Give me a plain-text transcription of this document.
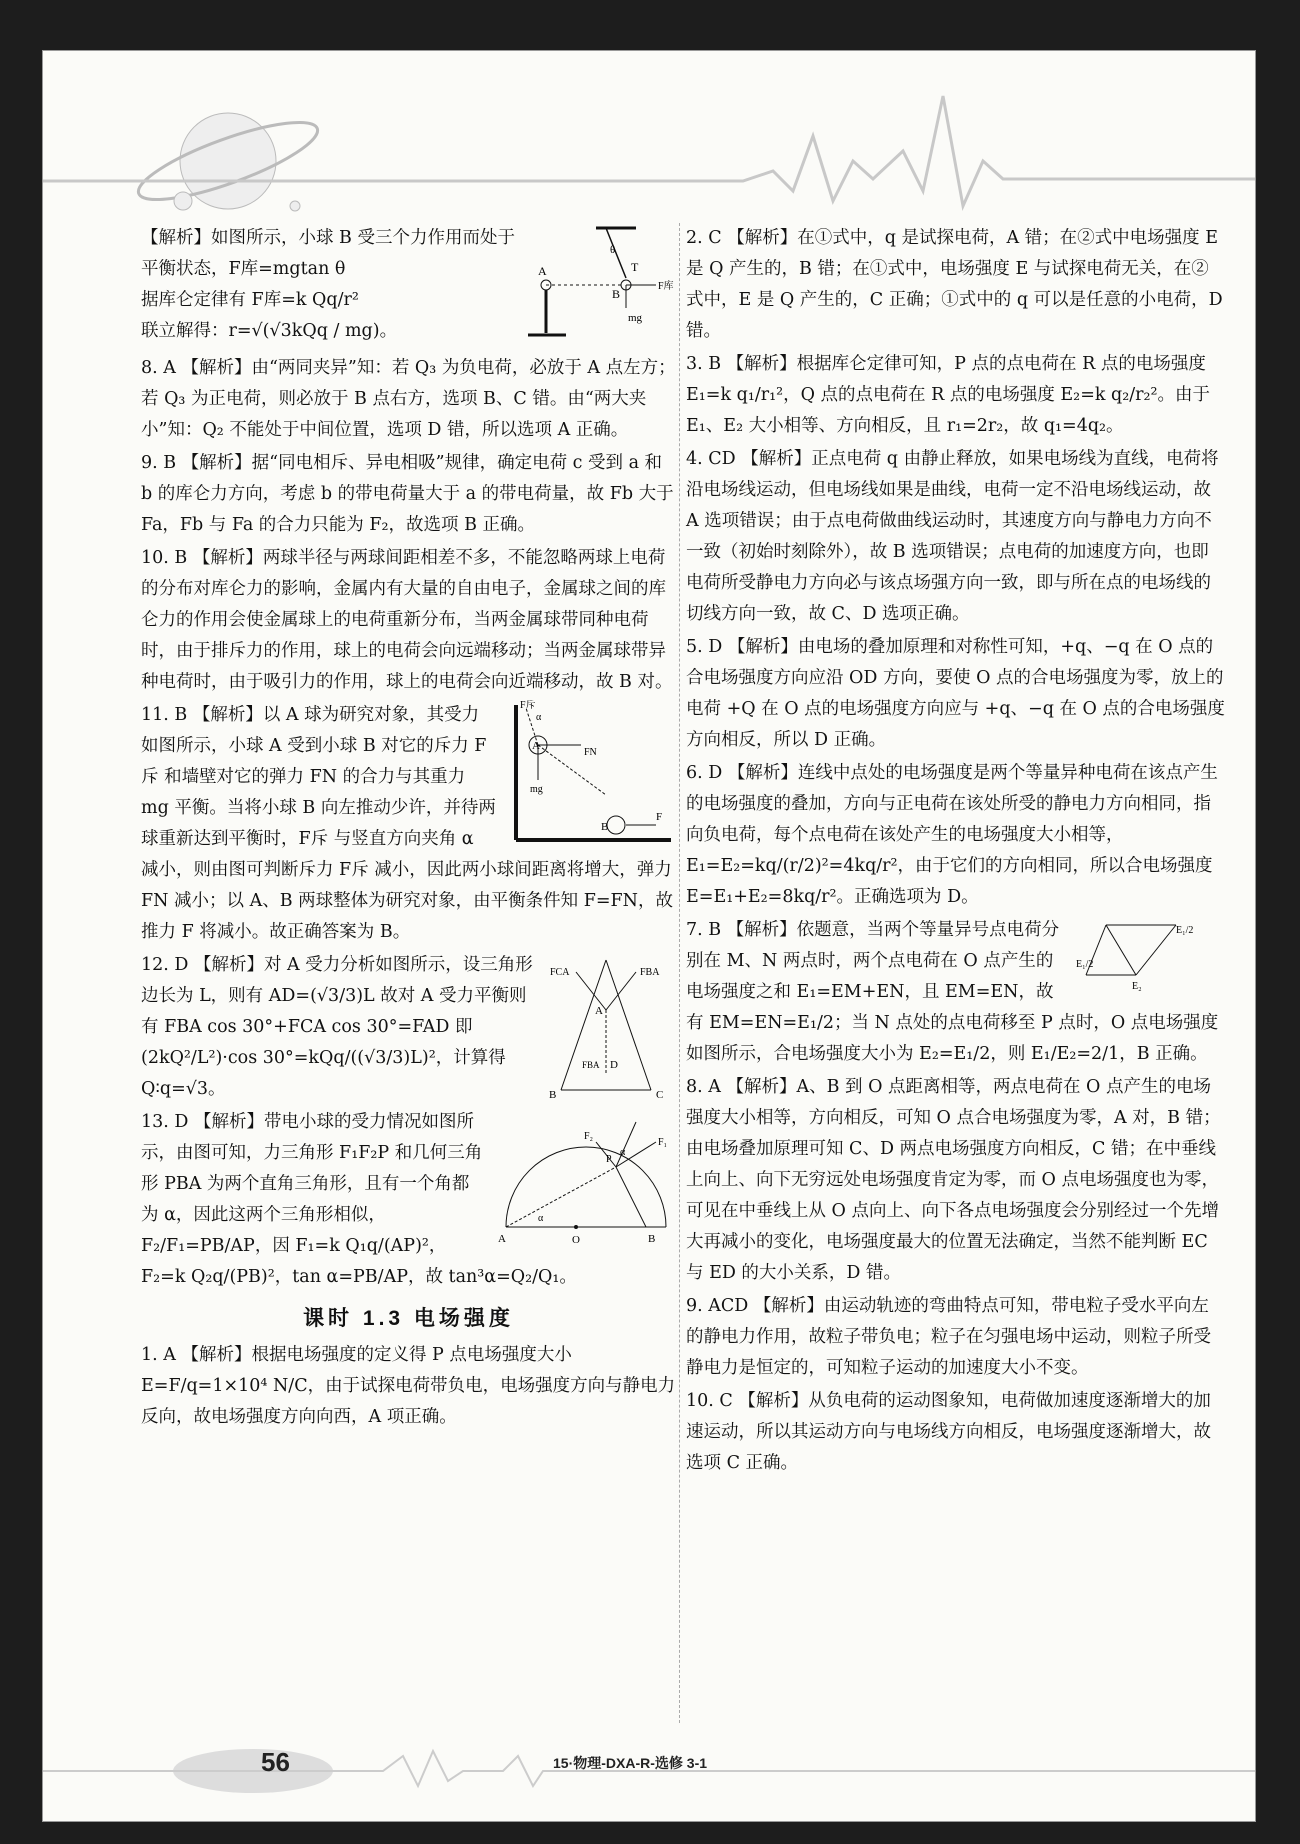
A
θ
T
F库
B
mg
【解析】如图所示，小球 B 受三个力作用而处于平衡状态，F库=mgtan θ
据库仑定律有 F库=k Qq/r²
联立解得：r=√(√3kQq / mg)。
8. A 【解析】由“两同夹异”知：若 Q₃ 为负电荷，必放于 A 点左方；若 Q₃ 为正电荷，则必放于 B 点右方，选项 B、C 错。由“两大夹小”知：Q₂ 不能处于中间位置，选项 D 错，所以选项 A 正确。
9. B 【解析】据“同电相斥、异电相吸”规律，确定电荷 c 受到 a 和 b 的库仑力方向，考虑 b 的带电荷量大于 a 的带电荷量，故 Fb 大于 Fa，Fb 与 Fa 的合力只能为 F₂，故选项 B 正确。
10. B 【解析】两球半径与两球间距相差不多，不能忽略两球上电荷的分布对库仑力的影响，金属内有大量的自由电子，金属球之间的库仑力的作用会使金属球上的电荷重新分布，当两金属球带同种电荷时，由于排斥力的作用，球上的电荷会向远端移动；当两金属球带异种电荷时，由于吸引力的作用，球上的电荷会向近端移动，故 B 对。
F斥
α
A
FN
mg
B
F
11. B 【解析】以 A 球为研究对象，其受力如图所示，小球 A 受到小球 B 对它的斥力 F斥 和墙壁对它的弹力 FN 的合力与其重力 mg 平衡。当将小球 B 向左推动少许，并待两球重新达到平衡时，F斥 与竖直方向夹角 α 减小，则由图可判断斥力 F斥 减小，因此两小球间距离将增大，弹力 FN 减小；以 A、B 两球整体为研究对象，由平衡条件知 F=FN，故推力 F 将减小。故正确答案为 B。
FCA	FBA
A
FBA D
B	C
12. D 【解析】对 A 受力分析如图所示，设三角形边长为 L，则有 AD=(√3/3)L 故对 A 受力平衡则有 FBA cos 30°+FCA cos 30°=FAD 即 (2kQ²/L²)·cos 30°=kQq/((√3/3)L)²，计算得 Q∶q=√3。
F₂
P
α
F₁
A	O	B
α
13. D 【解析】带电小球的受力情况如图所示，由图可知，力三角形 F₁F₂P 和几何三角形 PBA 为两个直角三角形，且有一个角都为 α，因此这两个三角形相似，F₂/F₁=PB/AP，因 F₁=k Q₁q/(AP)²，F₂=k Q₂q/(PB)²，tan α=PB/AP，故 tan³α=Q₂/Q₁。
课时 1.3 电场强度
1. A 【解析】根据电场强度的定义得 P 点电场强度大小 E=F/q=1×10⁴ N/C，由于试探电荷带负电，电场强度方向与静电力反向，故电场强度方向向西，A 项正确。
2. C 【解析】在①式中，q 是试探电荷，A 错；在②式中电场强度 E 是 Q 产生的，B 错；在①式中，电场强度 E 与试探电荷无关，在②式中，E 是 Q 产生的，C 正确；①式中的 q 可以是任意的小电荷，D 错。
3. B 【解析】根据库仑定律可知，P 点的点电荷在 R 点的电场强度 E₁=k q₁/r₁²，Q 点的点电荷在 R 点的电场强度 E₂=k q₂/r₂²。由于 E₁、E₂ 大小相等、方向相反，且 r₁=2r₂，故 q₁=4q₂。
4. CD 【解析】正点电荷 q 由静止释放，如果电场线为直线，电荷将沿电场线运动，但电场线如果是曲线，电荷一定不沿电场线运动，故 A 选项错误；由于点电荷做曲线运动时，其速度方向与静电力方向不一致（初始时刻除外），故 B 选项错误；点电荷的加速度方向，也即电荷所受静电力方向必与该点场强方向一致，即与所在点的电场线的切线方向一致，故 C、D 选项正确。
5. D 【解析】由电场的叠加原理和对称性可知，+q、−q 在 O 点的合电场强度方向应沿 OD 方向，要使 O 点的合电场强度为零，放上的电荷 +Q 在 O 点的电场强度方向应与 +q、−q 在 O 点的合电场强度方向相反，所以 D 正确。
6. D 【解析】连线中点处的电场强度是两个等量异种电荷在该点产生的电场强度的叠加，方向与正电荷在该处所受的静电力方向相同，指向负电荷，每个点电荷在该处产生的电场强度大小相等，E₁=E₂=kq/(r/2)²=4kq/r²，由于它们的方向相同，所以合电场强度 E=E₁+E₂=8kq/r²。正确选项为 D。
E₁/2
E₁/2
E₂
7. B 【解析】依题意，当两个等量异号点电荷分别在 M、N 两点时，两个点电荷在 O 点产生的电场强度之和 E₁=EM+EN，且 EM=EN，故有 EM=EN=E₁/2；当 N 点处的点电荷移至 P 点时，O 点电场强度如图所示，合电场强度大小为 E₂=E₁/2，则 E₁/E₂=2/1，B 正确。
8. A 【解析】A、B 到 O 点距离相等，两点电荷在 O 点产生的电场强度大小相等，方向相反，可知 O 点合电场强度为零，A 对，B 错；由电场叠加原理可知 C、D 两点电场强度方向相反，C 错；在中垂线上向上、向下无穷远处电场强度肯定为零，而 O 点电场强度也为零，可见在中垂线上从 O 点向上、向下各点电场强度会分别经过一个先增大再减小的变化，电场强度最大的位置无法确定，当然不能判断 EC 与 ED 的大小关系，D 错。
9. ACD 【解析】由运动轨迹的弯曲特点可知，带电粒子受水平向左的静电力作用，故粒子带负电；粒子在匀强电场中运动，则粒子所受静电力是恒定的，可知粒子运动的加速度大小不变。
10. C 【解析】从负电荷的运动图象知，电荷做加速度逐渐增大的加速运动，所以其运动方向与电场线方向相反，电场强度逐渐增大，故选项 C 正确。
56	15·物理-DXA-R-选修 3-1
